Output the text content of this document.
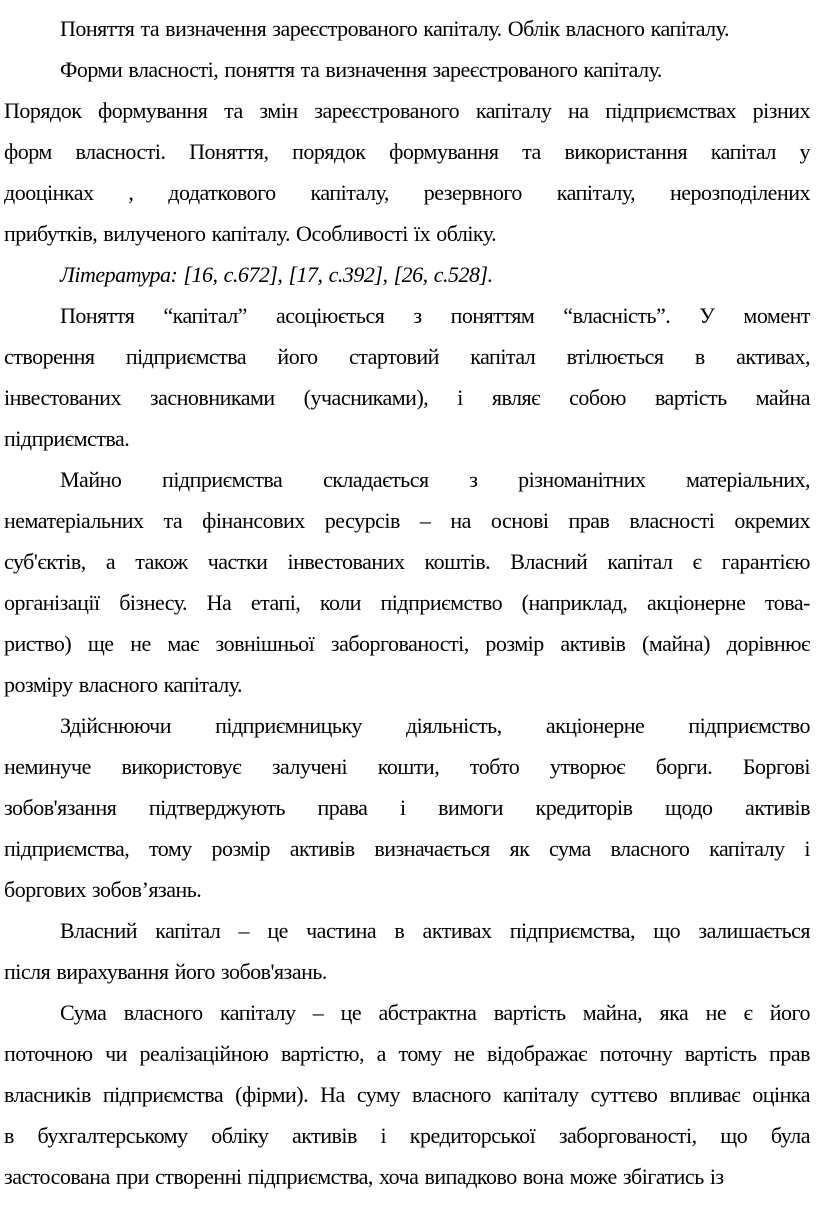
Поняття та визначення зареєстрованого капіталу. Облік власного капіталу.
Форми власності, поняття та визначення зареєстрованого капіталу.
Порядок формування та змін зареєстрованого капіталу на підприємствах різних
форм власності. Поняття, порядок формування та використання капітал у
дооцінках , додаткового капіталу, резервного капіталу, нерозподілених
прибутків, вилученого капіталу. Особливості їх обліку.
Література: [16, с.672], [17, с.392], [26, с.528].
Поняття “капітал” асоціюється з поняттям “власність”. У момент
створення підприємства його стартовий капітал втілюється в активах,
інвестованих засновниками (учасниками), і являє собою вартість майна
підприємства.
Майно підприємства складається з різноманітних матеріальних,
нематеріальних та фінансових ресурсів – на основі прав власності окремих
суб'єктів, а також частки інвестованих коштів. Власний капітал є гарантією
організації бізнесу. На етапі, коли підприємство (наприклад, акціонерне това-
риство) ще не має зовнішньої заборгованості, розмір активів (майна) дорівнює
розміру власного капіталу.
Здійснюючи підприємницьку діяльність, акціонерне підприємство
неминуче використовує залучені кошти, тобто утворює борги. Боргові
зобов'язання підтверджують права і вимоги кредиторів щодо активів
підприємства, тому розмір активів визначається як сума власного капіталу і
боргових зобов’язань.
Власний капітал – це частина в активах підприємства, що залишається
після вирахування його зобов'язань.
Сума власного капіталу – це абстрактна вартість майна, яка не є його
поточною чи реалізаційною вартістю, а тому не відображає поточну вартість прав
власників підприємства (фірми). На суму власного капіталу суттєво впливає оцінка
в бухгалтерському обліку активів і кредиторської заборгованості, що була
застосована при створенні підприємства, хоча випадково вона може збігатись із
